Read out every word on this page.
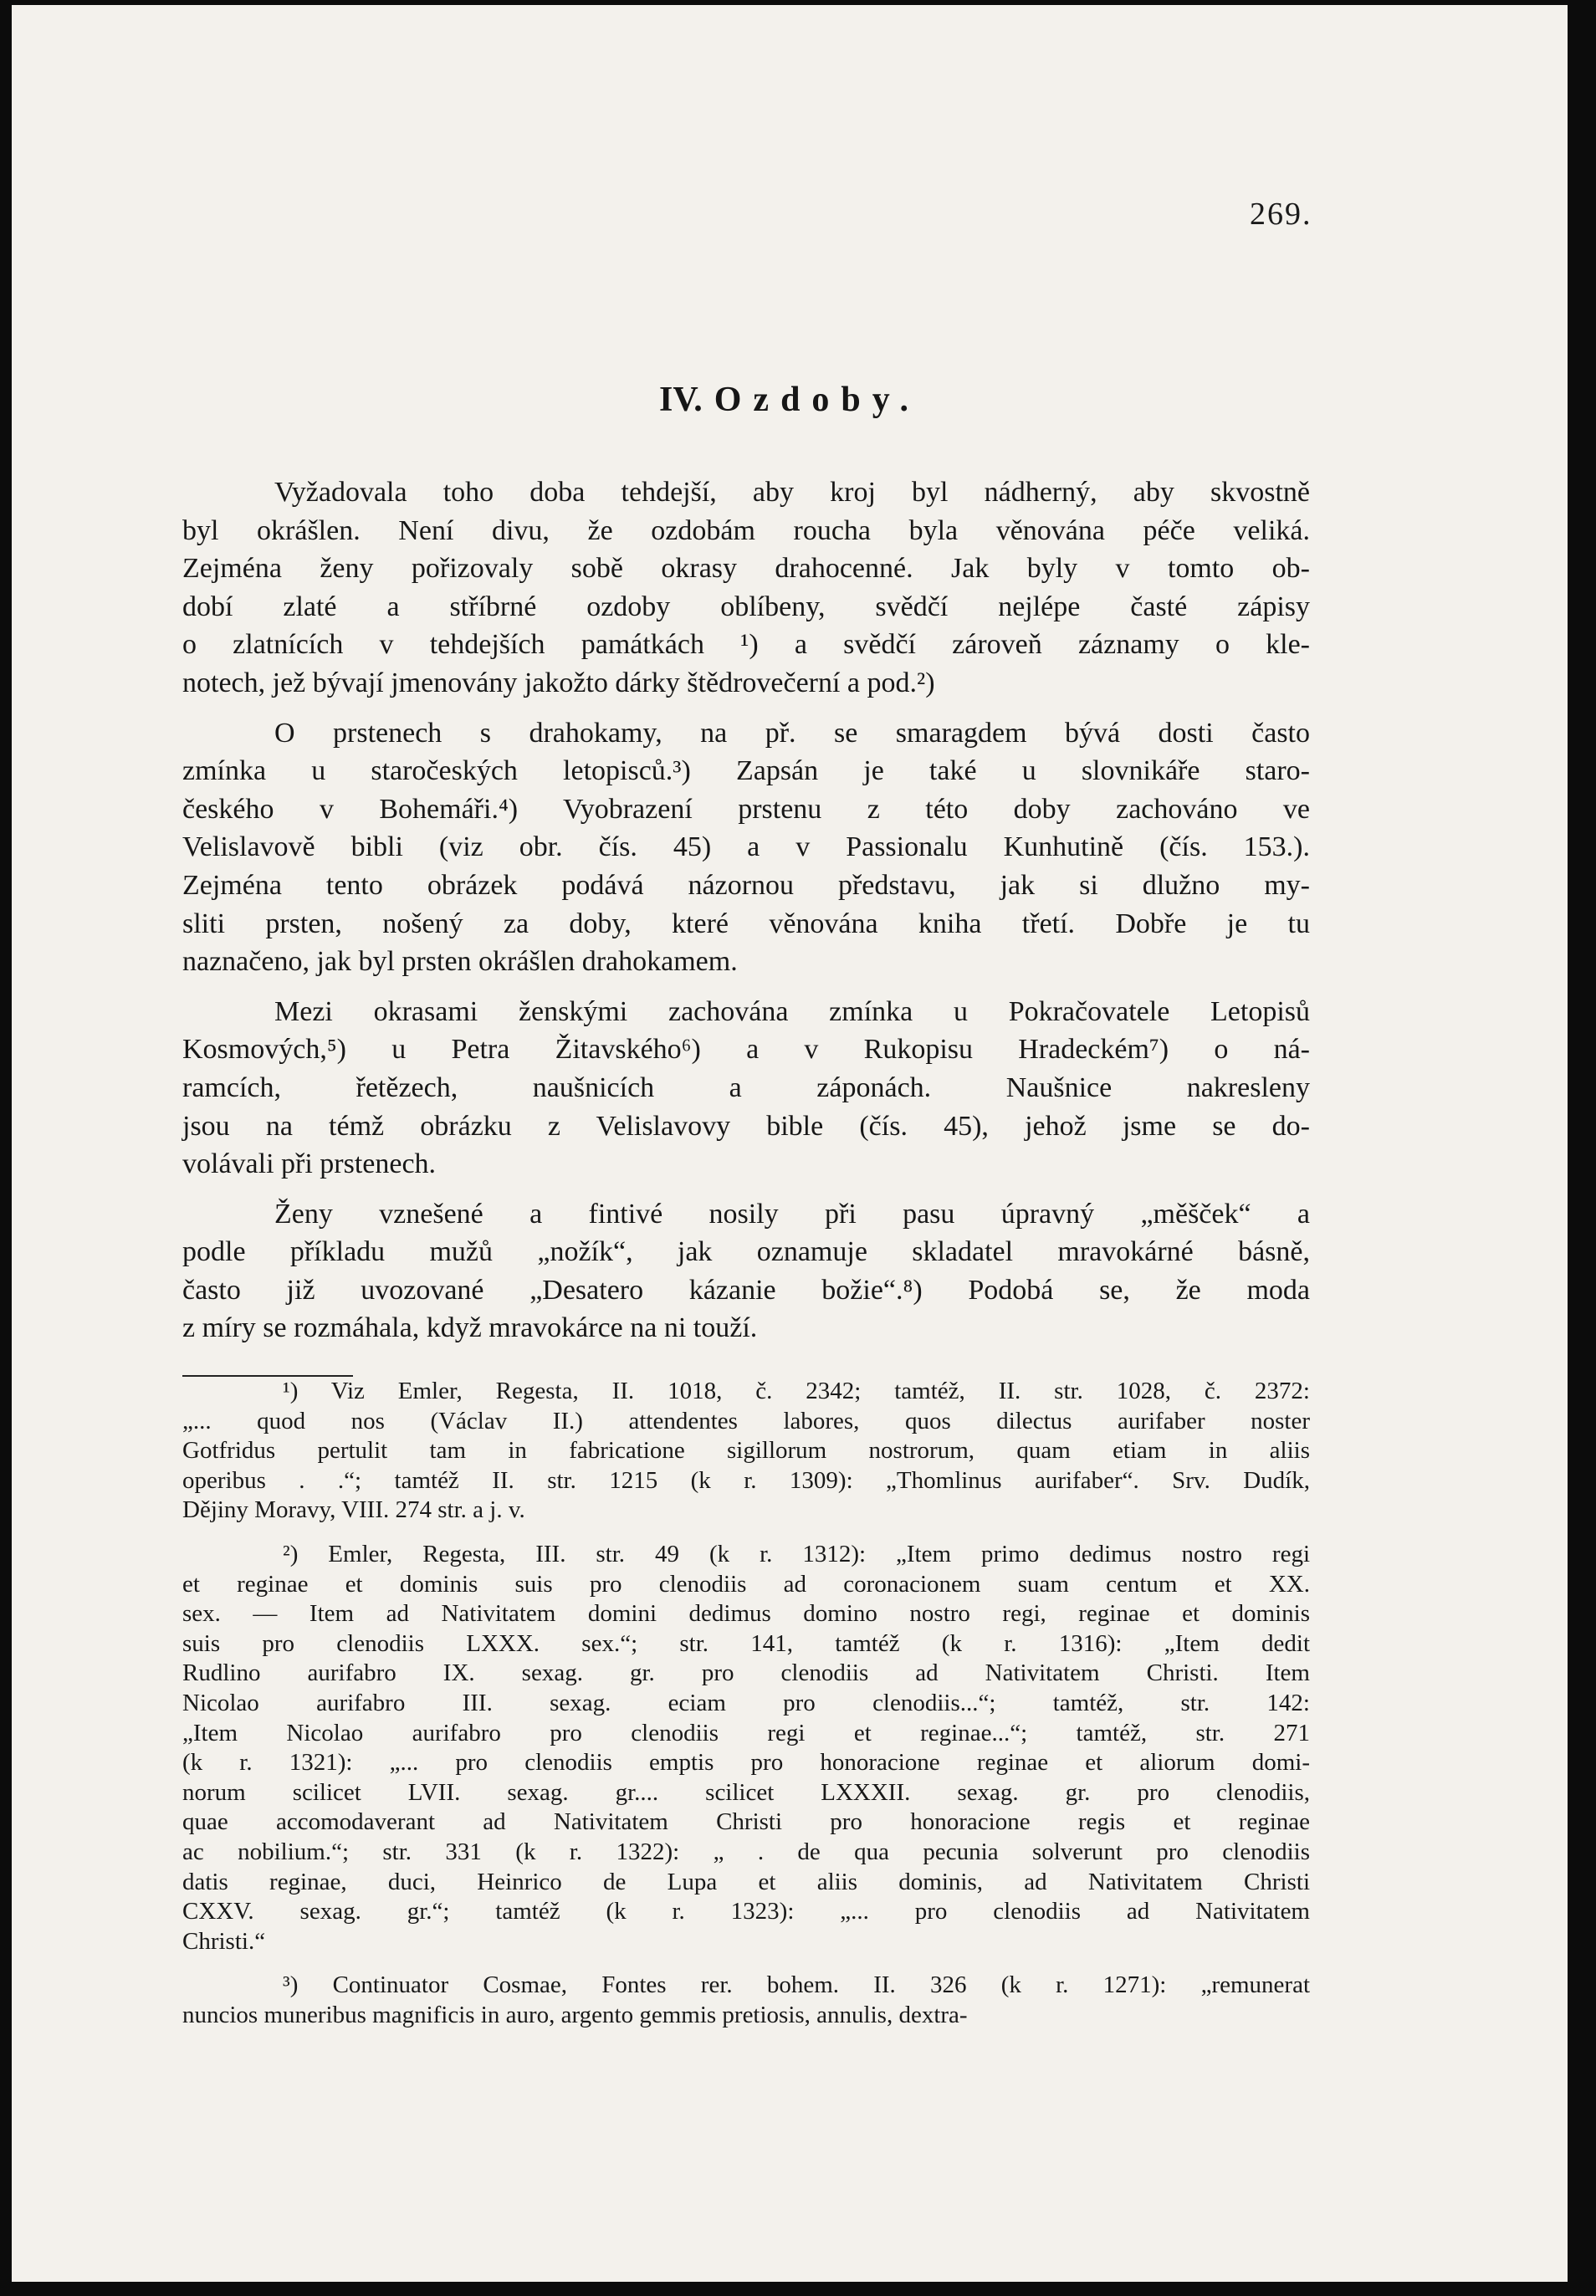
269.
IV. Ozdoby.

Vyžadovala toho doba tehdejší, aby kroj byl nádherný, aby skvostně
byl okrášlen. Není divu, že ozdobám roucha byla věnována péče veliká.
Zejména ženy pořizovaly sobě okrasy drahocenné. Jak byly v tomto ob-
dobí zlaté a stříbrné ozdoby oblíbeny, svědčí nejlépe časté zápisy
o zlatnících v tehdejších památkách ¹) a svědčí zároveň záznamy o kle-
notech, jež bývají jmenovány jakožto dárky štědrovečerní a pod.²)

O prstenech s drahokamy, na př. se smaragdem bývá dosti často
zmínka u staročeských letopisců.³) Zapsán je také u slovnikáře staro-
českého v Bohemáři.⁴) Vyobrazení prstenu z této doby zachováno ve
Velislavově bibli (viz obr. čís. 45) a v Passionalu Kunhutině (čís. 153.).
Zejména tento obrázek podává názornou představu, jak si dlužno my-
sliti prsten, nošený za doby, které věnována kniha třetí. Dobře je tu
naznačeno, jak byl prsten okrášlen drahokamem.

Mezi okrasami ženskými zachována zmínka u Pokračovatele Letopisů
Kosmových,⁵) u Petra Žitavského⁶) a v Rukopisu Hradeckém⁷) o ná-
ramcích, řetězech, naušnicích a záponách. Naušnice nakresleny
jsou na témž obrázku z Velislavovy bible (čís. 45), jehož jsme se do-
volávali při prstenech.

Ženy vznešené a fintivé nosily při pasu úpravný „měšček“ a
podle příkladu mužů „nožík“, jak oznamuje skladatel mravokárné básně,
často již uvozované „Desatero kázanie božie“.⁸) Podobá se, že moda
z míry se rozmáhala, když mravokárce na ni touží.

¹) Viz Emler, Regesta, II. 1018, č. 2342; tamtéž, II. str. 1028, č. 2372:
„... quod nos (Václav II.) attendentes labores, quos dilectus aurifaber noster
Gotfridus pertulit tam in fabricatione sigillorum nostrorum, quam etiam in aliis
operibus . .“; tamtéž II. str. 1215 (k r. 1309): „Thomlinus aurifaber“. Srv. Dudík,
Dějiny Moravy, VIII. 274 str. a j. v.

²) Emler, Regesta, III. str. 49 (k r. 1312): „Item primo dedimus nostro regi
et reginae et dominis suis pro clenodiis ad coronacionem suam centum et XX.
sex. — Item ad Nativitatem domini dedimus domino nostro regi, reginae et dominis
suis pro clenodiis LXXX. sex.“; str. 141, tamtéž (k r. 1316): „Item dedit
Rudlino aurifabro IX. sexag. gr. pro clenodiis ad Nativitatem Christi. Item
Nicolao aurifabro III. sexag. eciam pro clenodiis...“; tamtéž, str. 142:
„Item Nicolao aurifabro pro clenodiis regi et reginae...“; tamtéž, str. 271
(k r. 1321): „... pro clenodiis emptis pro honoracione reginae et aliorum domi-
norum scilicet LVII. sexag. gr.... scilicet LXXXII. sexag. gr. pro clenodiis,
quae accomodaverant ad Nativitatem Christi pro honoracione regis et reginae
ac nobilium.“; str. 331 (k r. 1322): „ . de qua pecunia solverunt pro clenodiis
datis reginae, duci, Heinrico de Lupa et aliis dominis, ad Nativitatem Christi
CXXV. sexag. gr.“; tamtéž (k r. 1323): „... pro clenodiis ad Nativitatem
Christi.“

³) Continuator Cosmae, Fontes rer. bohem. II. 326 (k r. 1271): „remunerat
nuncios muneribus magnificis in auro, argento gemmis pretiosis, annulis, dextra-
